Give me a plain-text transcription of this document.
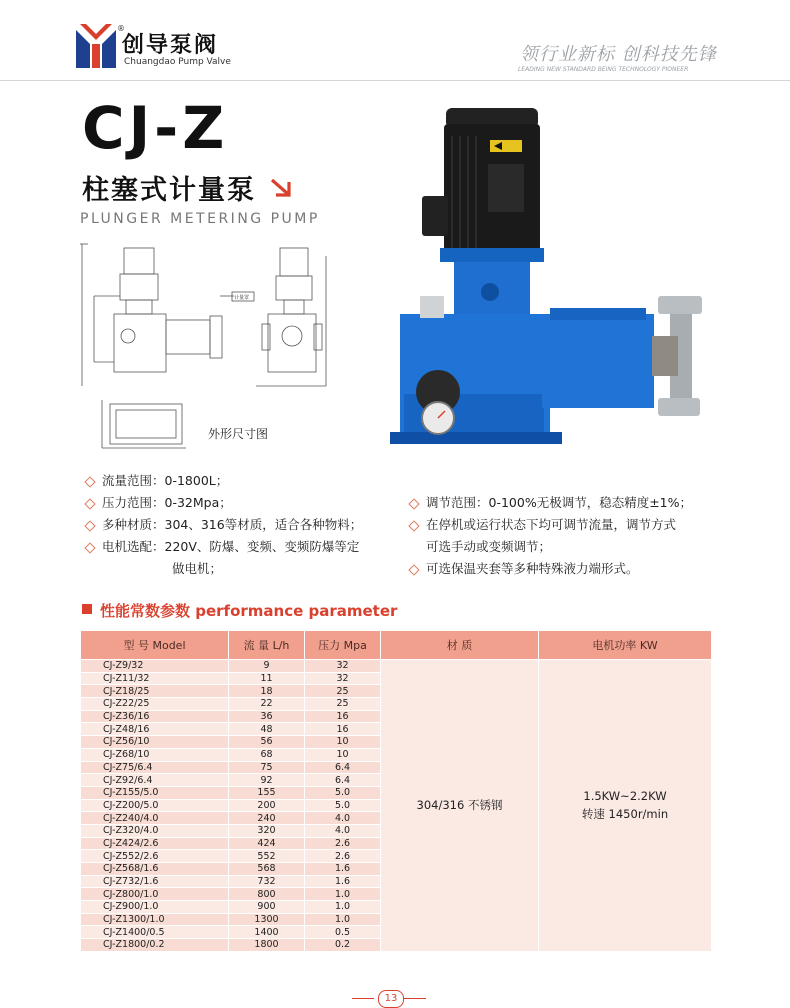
®
创导泵阀
Chuangdao Pump Valve	领行业新标 创科技先锋
LEADING NEW STANDARD BEING TECHNOLOGY PIONEER
CJ-Z
柱塞式计量泵
PLUNGER METERING PUMP
计量罩
外形尺寸图
流量范围：0-1800L；
压力范围：0-32Mpa；
多种材质：304、316等材质，适合各种物料；
电机选配：220V、防爆、变频、变频防爆等定
做电机；
调节范围：0-100%无极调节，稳态精度±1%；
在停机或运行状态下均可调节流量，调节方式
可选手动或变频调节；
可选保温夹套等多种特殊液力端形式。
性能常数参数 performance parameter
型 号 Model	流 量 L/h	压力 Mpa	材 质	电机功率 KW
CJ-Z9/32	9	32	304/316 不锈钢	1.5KW~2.2KW
转速 1450r/min

CJ-Z11/32	11	32		
CJ-Z18/25	18	25		
CJ-Z22/25	22	25		
CJ-Z36/16	36	16		
CJ-Z48/16	48	16		
CJ-Z56/10	56	10		
CJ-Z68/10	68	10		
CJ-Z75/6.4	75	6.4		
CJ-Z92/6.4	92	6.4		
CJ-Z155/5.0	155	5.0		
CJ-Z200/5.0	200	5.0		
CJ-Z240/4.0	240	4.0		
CJ-Z320/4.0	320	4.0		
CJ-Z424/2.6	424	2.6		
CJ-Z552/2.6	552	2.6		
CJ-Z568/1.6	568	1.6		
CJ-Z732/1.6	732	1.6		
CJ-Z800/1.0	800	1.0		
CJ-Z900/1.0	900	1.0		
CJ-Z1300/1.0	1300	1.0		
CJ-Z1400/0.5	1400	0.5		
CJ-Z1800/0.2	1800	0.2		
13
